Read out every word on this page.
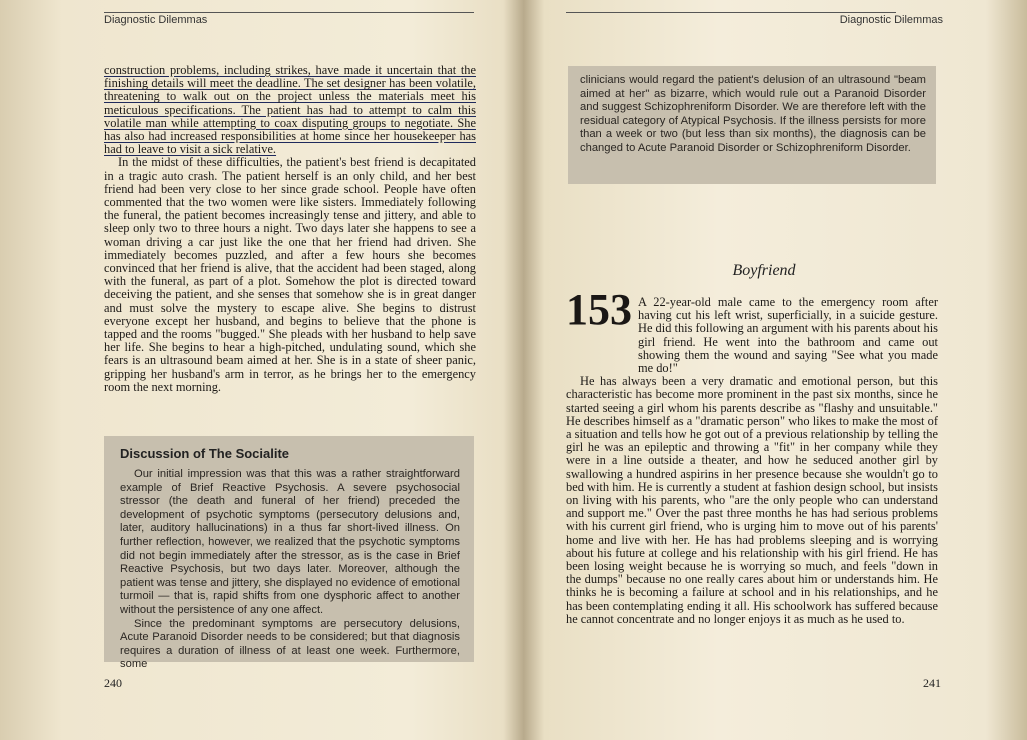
Diagnostic Dilemmas

construction problems, including strikes, have made it uncertain that the finishing details will meet the deadline. The set designer has been volatile, threatening to walk out on the project unless the materials meet his meticulous specifications. The patient has had to attempt to calm this volatile man while attempting to coax disputing groups to negotiate. She has also had increased responsibilities at home since her housekeeper has had to leave to visit a sick relative.

In the midst of these difficulties, the patient's best friend is decapitated in a tragic auto crash. The patient herself is an only child, and her best friend had been very close to her since grade school. People have often commented that the two women were like sisters. Immediately following the funeral, the patient becomes increasingly tense and jittery, and able to sleep only two to three hours a night. Two days later she happens to see a woman driving a car just like the one that her friend had driven. She immediately becomes puzzled, and after a few hours she becomes convinced that her friend is alive, that the accident had been staged, along with the funeral, as part of a plot. Somehow the plot is directed toward deceiving the patient, and she senses that somehow she is in great danger and must solve the mystery to escape alive. She begins to distrust everyone except her husband, and begins to believe that the phone is tapped and the rooms "bugged." She pleads with her husband to help save her life. She begins to hear a high-pitched, undulating sound, which she fears is an ultrasound beam aimed at her. She is in a state of sheer panic, gripping her husband's arm in terror, as he brings her to the emergency room the next morning.

Discussion of The Socialite

Our initial impression was that this was a rather straightforward example of Brief Reactive Psychosis. A severe psychosocial stressor (the death and funeral of her friend) preceded the development of psychotic symptoms (persecutory delusions and, later, auditory hallucinations) in a thus far short-lived illness. On further reflection, however, we realized that the psychotic symptoms did not begin immediately after the stressor, as is the case in Brief Reactive Psychosis, but two days later. Moreover, although the patient was tense and jittery, she displayed no evidence of emotional turmoil — that is, rapid shifts from one dysphoric affect to another without the persistence of any one affect.

Since the predominant symptoms are persecutory delusions, Acute Paranoid Disorder needs to be considered; but that diagnosis requires a duration of illness of at least one week. Furthermore, some

240
Diagnostic Dilemmas

clinicians would regard the patient's delusion of an ultrasound "beam aimed at her" as bizarre, which would rule out a Paranoid Disorder and suggest Schizophreniform Disorder. We are therefore left with the residual category of Atypical Psychosis. If the illness persists for more than a week or two (but less than six months), the diagnosis can be changed to Acute Paranoid Disorder or Schizophreniform Disorder.

Boyfriend
153 A 22-year-old male came to the emergency room after having cut his left wrist, superficially, in a suicide gesture. He did this following an argument with his parents about his girl friend. He went into the bathroom and came out showing them the wound and saying "See what you made me do!"

He has always been a very dramatic and emotional person, but this characteristic has become more prominent in the past six months, since he started seeing a girl whom his parents describe as "flashy and unsuitable." He describes himself as a "dramatic person" who likes to make the most of a situation and tells how he got out of a previous relationship by telling the girl he was an epileptic and throwing a "fit" in her company while they were in a line outside a theater, and how he seduced another girl by swallowing a hundred aspirins in her presence because she wouldn't go to bed with him. He is currently a student at fashion design school, but insists on living with his parents, who "are the only people who can understand and support me." Over the past three months he has had serious problems with his current girl friend, who is urging him to move out of his parents' home and live with her. He has had problems sleeping and is worrying about his future at college and his relationship with his girl friend. He has been losing weight because he is worrying so much, and feels "down in the dumps" because no one really cares about him or understands him. He thinks he is becoming a failure at school and in his relationships, and he has been contemplating ending it all. His schoolwork has suffered because he cannot concentrate and no longer enjoys it as much as he used to.

241
